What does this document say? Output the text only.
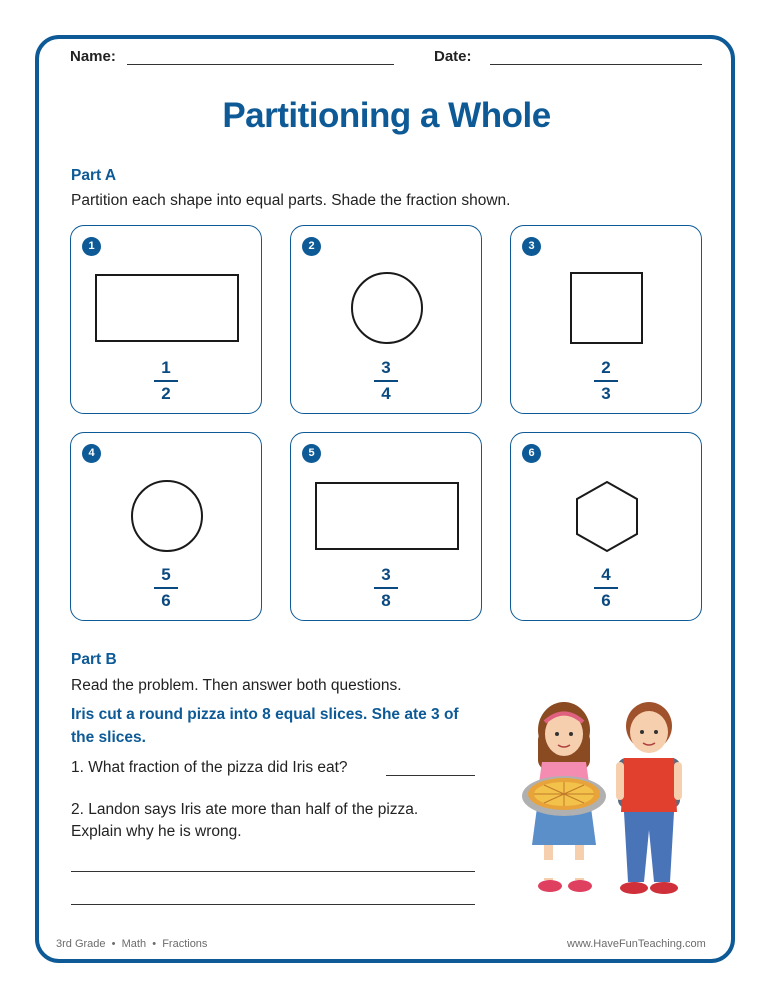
Name:	Date:
Partitioning a Whole
Part A
Partition each shape into equal parts. Shade the fraction shown.
1
1
2
2
3
4
3
2
3
4
5
6
5
3
8
6
4
6
Part B
Read the problem. Then answer both questions.
Iris cut a round pizza into 8 equal slices. She ate 3 of the slices.
1. What fraction of the pizza did Iris eat?
2. Landon says Iris ate more than half of the pizza. Explain why he is wrong.
3rd Grade  •  Math  •  Fractions	www.HaveFunTeaching.com
